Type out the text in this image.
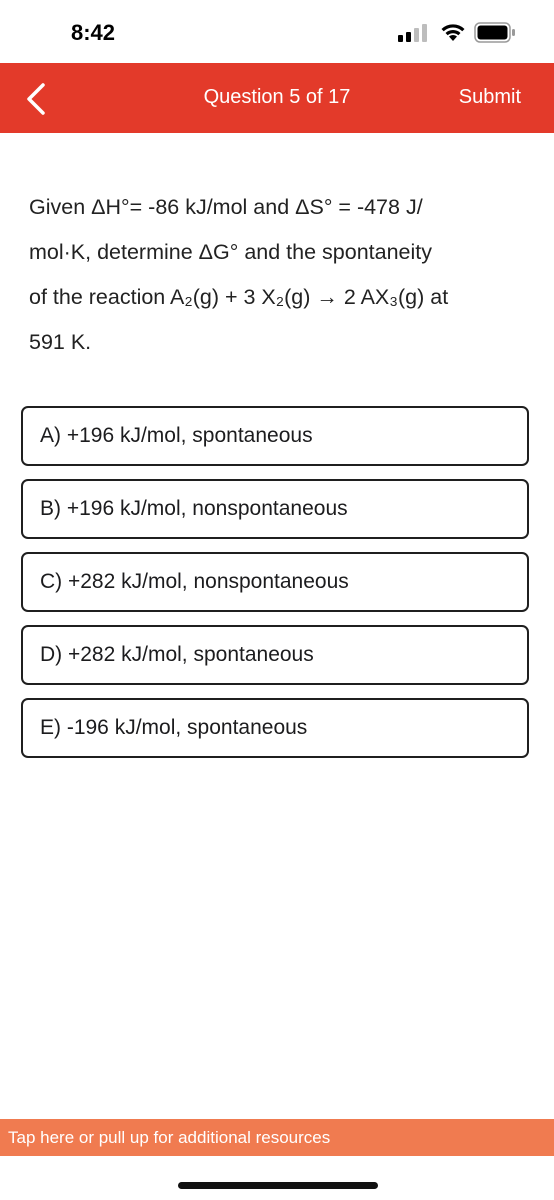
8:42
Question 5 of 17	Submit
Given ΔH°= -86 kJ/mol and ΔS° = -478 J/
mol·K, determine ΔG° and the spontaneity
of the reaction A₂(g) + 3 X₂(g) → 2 AX₃(g) at
591 K.
A) +196 kJ/mol, spontaneous
B) +196 kJ/mol, nonspontaneous
C) +282 kJ/mol, nonspontaneous
D) +282 kJ/mol, spontaneous
E) -196 kJ/mol, spontaneous
Tap here or pull up for additional resources
